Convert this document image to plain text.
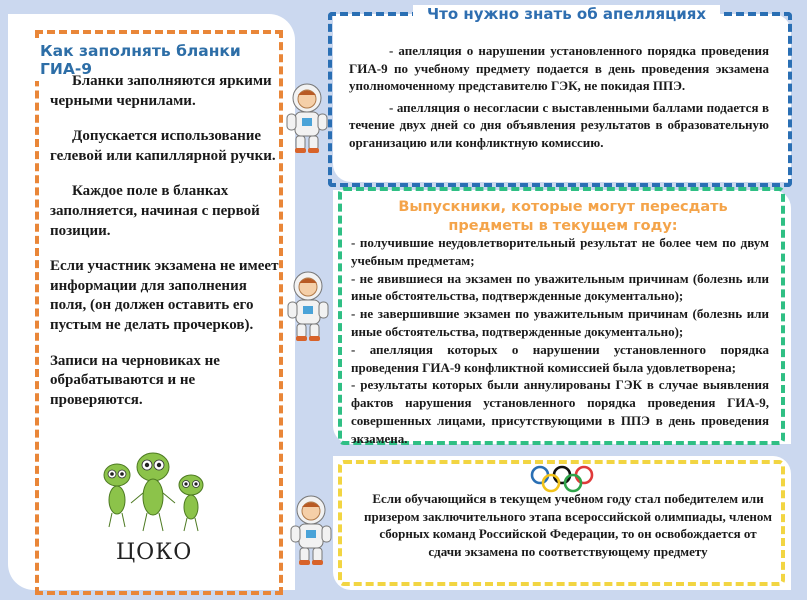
Как заполнять бланки ГИА-9

Бланки заполняются яркими черными чернилами.

Допускается использование гелевой или капиллярной ручки.

Каждое поле в бланках заполняется, начиная с первой позиции.

Если участник экзамена не имеет информации для заполнения поля, (он должен оставить его пустым не делать прочерков).

Записи на черновиках не обрабатываются и не проверяются.

ЦОКО
Что нужно знать об апелляциях

- апелляция о нарушении установленного порядка проведения ГИА-9 по учебному предмету подается в день проведения экзамена уполномоченному представителю ГЭК, не покидая ППЭ.

- апелляция о несогласии с выставленными баллами подается в течение двух дней со дня объявления результатов в образовательную организацию или конфликтную комиссию.

Выпускники, которые могут пересдать предметы в текущем году:

- получившие неудовлетворительный результат не более чем по двум учебным предметам;

- не явившиеся на экзамен по уважительным причинам (болезнь или иные обстоятельства, подтвержденные документально);

- не завершившие экзамен по уважительным причинам (болезнь или иные обстоятельства, подтвержденные документально);

- апелляция которых о нарушении установленного порядка проведения ГИА-9 конфликтной комиссией была удовлетворена;

- результаты которых были аннулированы ГЭК в случае выявления фактов нарушения установленного порядка проведения ГИА-9, совершенных лицами, присутствующими в ППЭ в день проведения экзамена.

Если обучающийся в текущем учебном году стал победителем или призером заключительного этапа всероссийской олимпиады, членом сборных команд Российской Федерации, то он освобождается от сдачи экзамена по соответствующему предмету
